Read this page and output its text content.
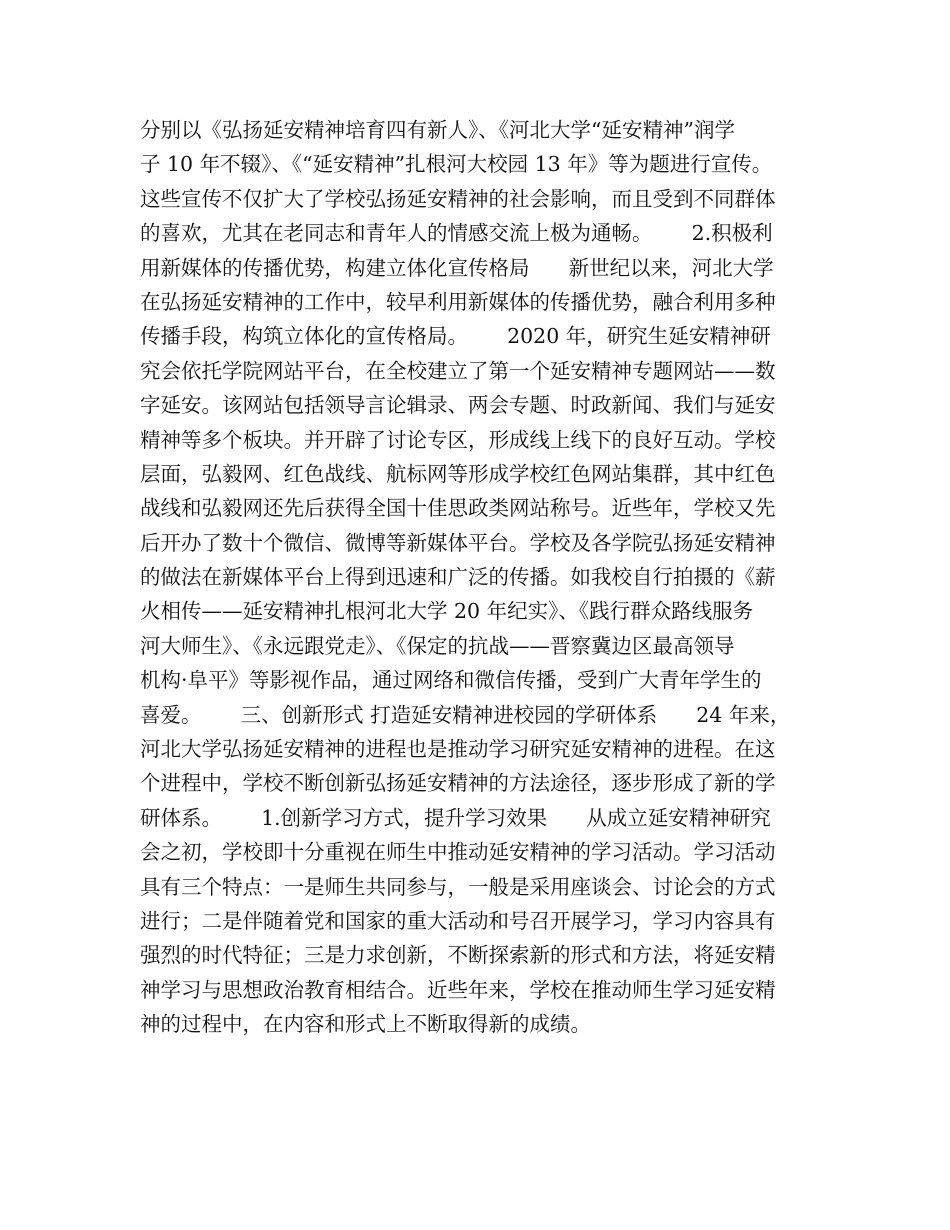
分别以《弘扬延安精神培育四有新人》、《河北大学“延安精神”润学
子 10 年不辍》、《“延安精神”扎根河大校园 13 年》等为题进行宣传。
这些宣传不仅扩大了学校弘扬延安精神的社会影响，而且受到不同群体
的喜欢，尤其在老同志和青年人的情感交流上极为通畅。      2.积极利
用新媒体的传播优势，构建立体化宣传格局      新世纪以来，河北大学
在弘扬延安精神的工作中，较早利用新媒体的传播优势，融合利用多种
传播手段，构筑立体化的宣传格局。      2020 年，研究生延安精神研
究会依托学院网站平台，在全校建立了第一个延安精神专题网站——数
字延安。该网站包括领导言论辑录、两会专题、时政新闻、我们与延安
精神等多个板块。并开辟了讨论专区，形成线上线下的良好互动。学校
层面，弘毅网、红色战线、航标网等形成学校红色网站集群，其中红色
战线和弘毅网还先后获得全国十佳思政类网站称号。近些年，学校又先
后开办了数十个微信、微博等新媒体平台。学校及各学院弘扬延安精神
的做法在新媒体平台上得到迅速和广泛的传播。如我校自行拍摄的《薪
火相传——延安精神扎根河北大学 20 年纪实》、《践行群众路线服务
河大师生》、《永远跟党走》、《保定的抗战——晋察冀边区最高领导
机构·阜平》等影视作品，通过网络和微信传播，受到广大青年学生的
喜爱。      三、创新形式 打造延安精神进校园的学研体系      24 年来，
河北大学弘扬延安精神的进程也是推动学习研究延安精神的进程。在这
个进程中，学校不断创新弘扬延安精神的方法途径，逐步形成了新的学
研体系。      1.创新学习方式，提升学习效果      从成立延安精神研究
会之初，学校即十分重视在师生中推动延安精神的学习活动。学习活动
具有三个特点：一是师生共同参与，一般是采用座谈会、讨论会的方式
进行；二是伴随着党和国家的重大活动和号召开展学习，学习内容具有
强烈的时代特征；三是力求创新，不断探索新的形式和方法，将延安精
神学习与思想政治教育相结合。近些年来，学校在推动师生学习延安精
神的过程中，在内容和形式上不断取得新的成绩。
